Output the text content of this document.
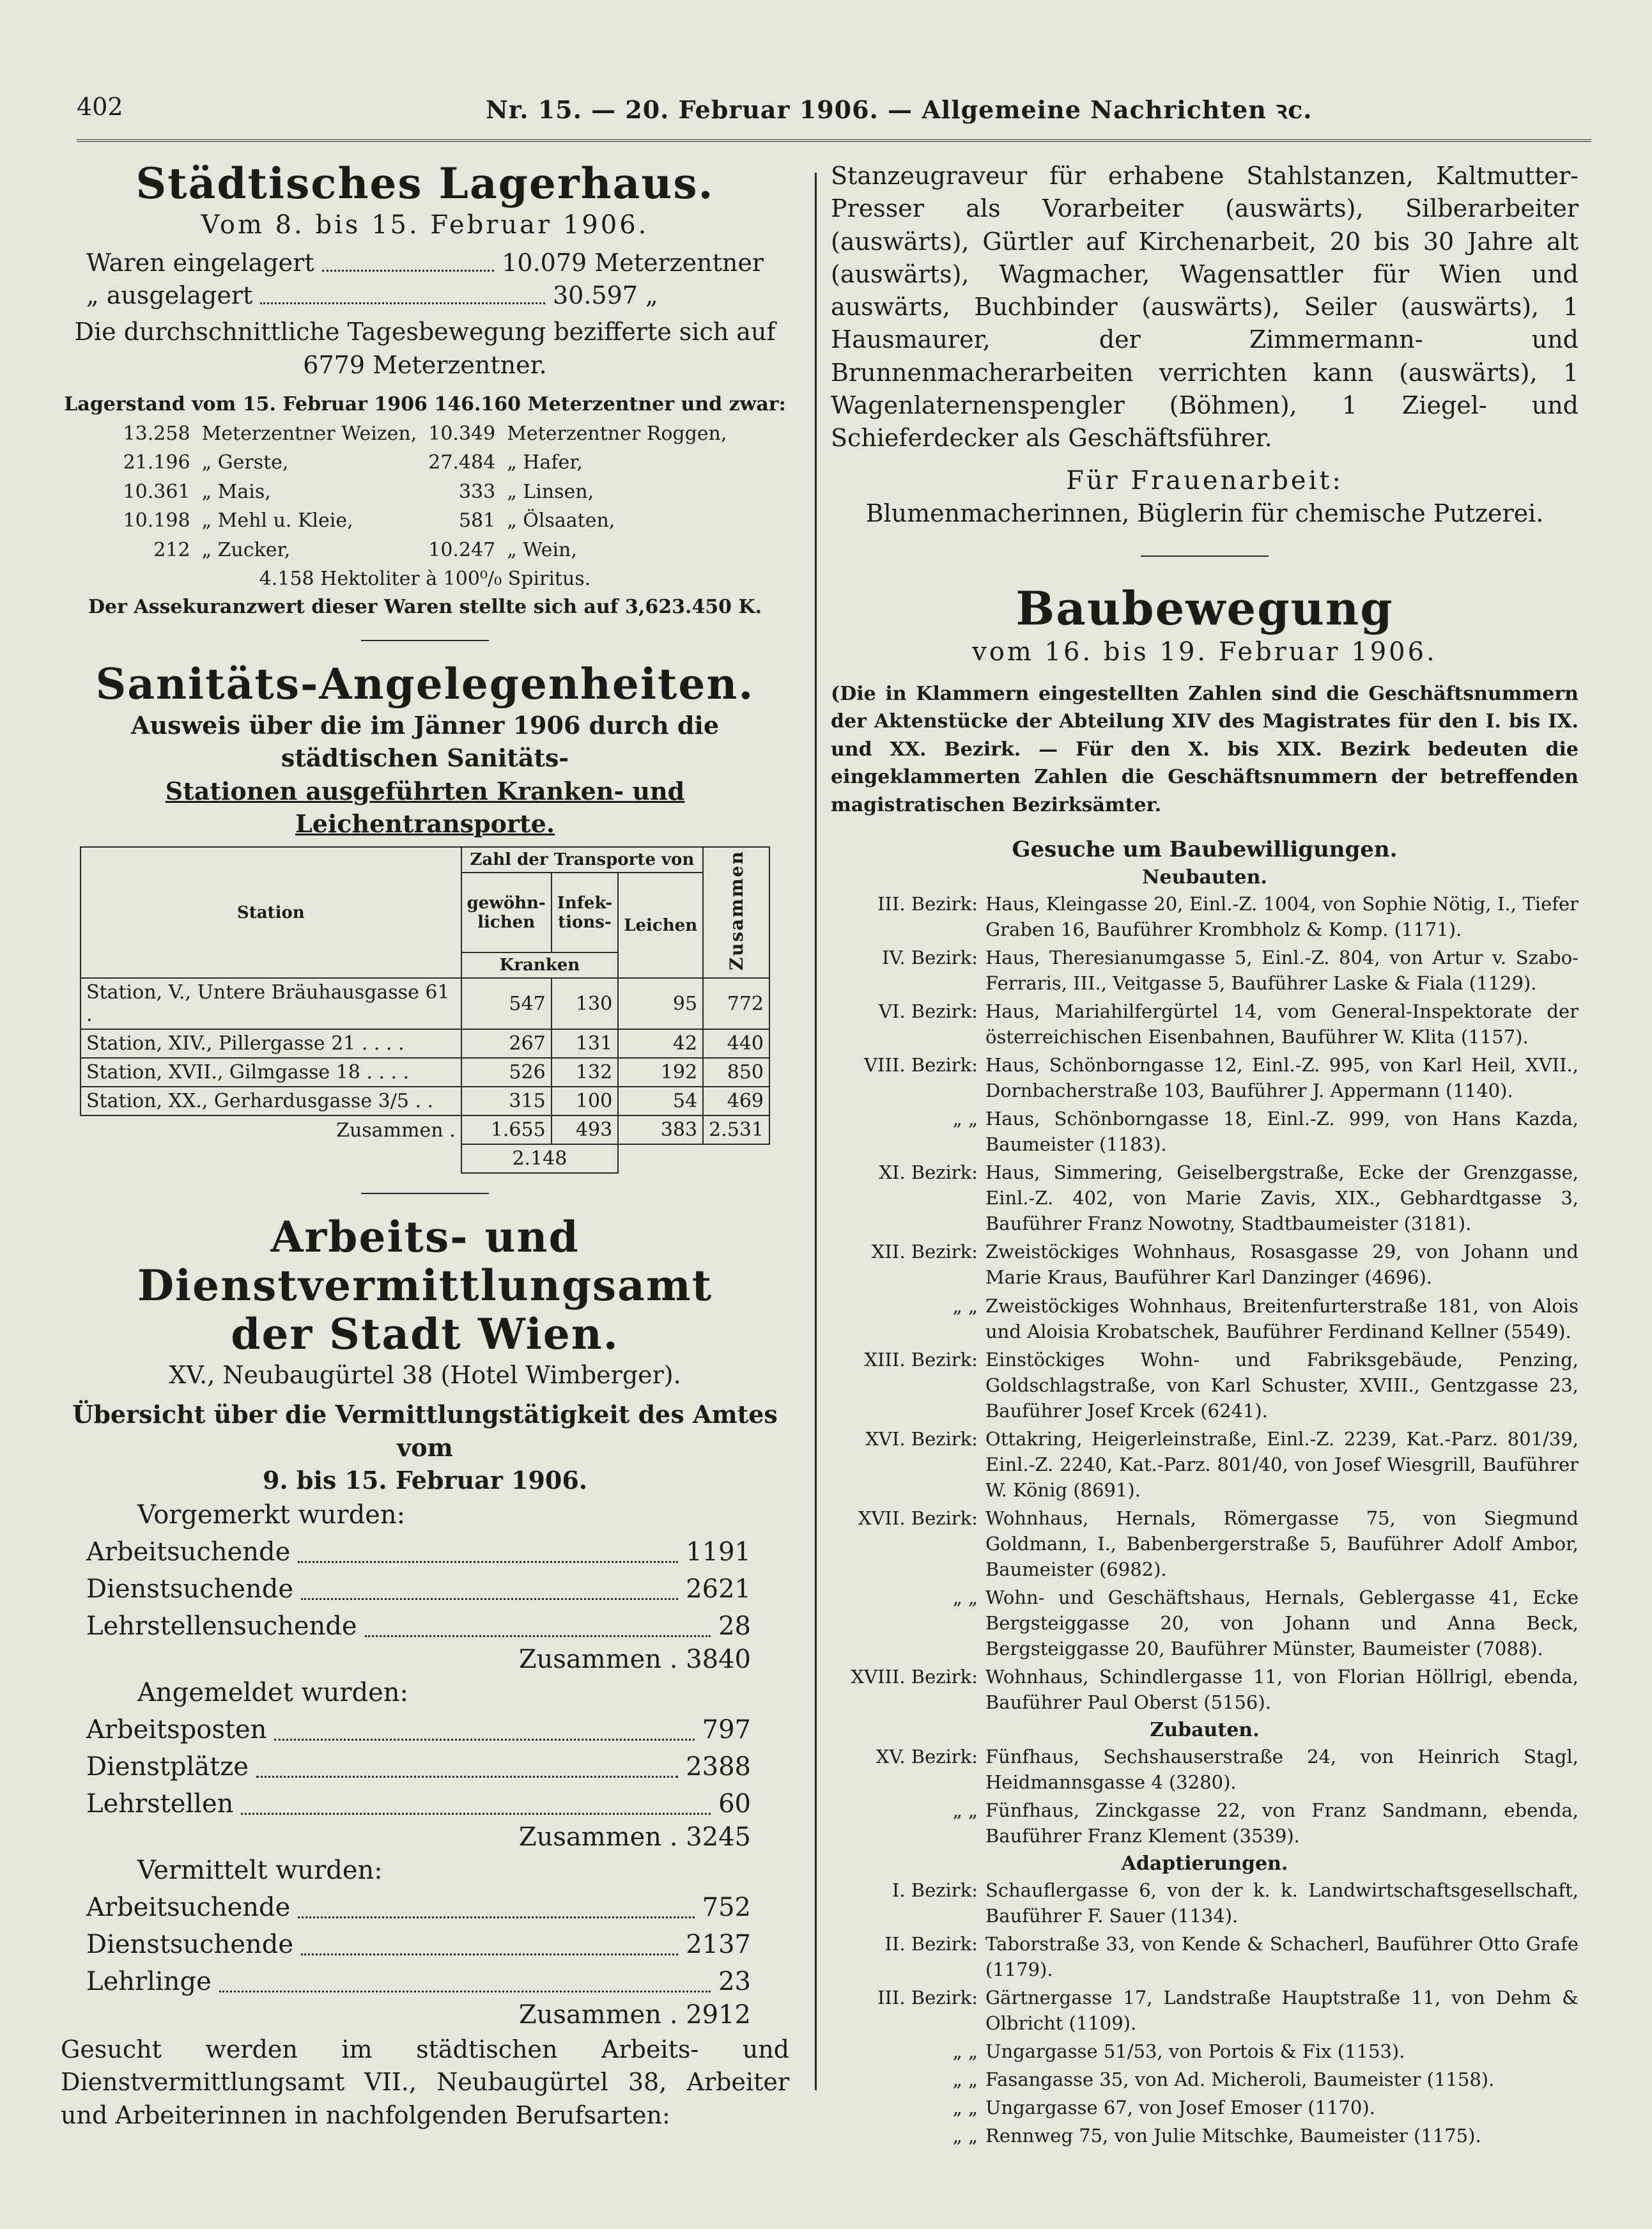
402	Nr. 15. — 20. Februar 1906. — Allgemeine Nachrichten ꝛc.
Städtisches Lagerhaus.
Vom 8. bis 15. Februar 1906.
Waren eingelagert	10.079 Meterzentner
„ ausgelagert	30.597 „
Die durchschnittliche Tagesbewegung bezifferte sich auf
6779 Meterzentner.
Lagerstand vom 15. Februar 1906 146.160 Meterzentner und zwar:
13.258	Meterzentner Weizen,	10.349	Meterzentner Roggen,
21.196	„ Gerste,	27.484	„ Hafer,
10.361	„ Mais,	333	„ Linsen,
10.198	„ Mehl u. Kleie,	581	„ Ölsaaten,
212	„ Zucker,	10.247	„ Wein,
4.158 Hektoliter à 100⁰/₀ Spiritus.
Der Assekuranzwert dieser Waren stellte sich auf 3,623.450 K.
Sanitäts-Angelegenheiten.
Ausweis über die im Jänner 1906 durch die städtischen Sanitäts-
Stationen ausgeführten Kranken- und Leichentransporte.
Station	Zahl der Transporte von			Zusammen
	gewöhn-lichen	Infek-tions-	Leichen	
	Kranken			
Station, V., Untere Bräuhausgasse 61 .	547	130	95	772
Station, XIV., Pillergasse 21 . . . .	267	131	42	440
Station, XVII., Gilmgasse 18 . . . .	526	132	192	850
Station, XX., Gerhardusgasse 3/5 . .	315	100	54	469
Zusammen .	1.655	493	383	2.531
	2.148			
Arbeits- und Dienstvermittlungsamt
der Stadt Wien.
XV., Neubaugürtel 38 (Hotel Wimberger).
Übersicht über die Vermittlungstätigkeit des Amtes vom
9. bis 15. Februar 1906.
Vorgemerkt wurden:
Arbeitsuchende	1191
Dienstsuchende	2621
Lehrstellensuchende	28
Zusammen . 3840
Angemeldet wurden:
Arbeitsposten	797
Dienstplätze	2388
Lehrstellen	60
Zusammen . 3245
Vermittelt wurden:
Arbeitsuchende	752
Dienstsuchende	2137
Lehrlinge	23
Zusammen . 2912
Gesucht werden im städtischen Arbeits- und Dienstvermittlungsamt VII., Neubaugürtel 38, Arbeiter und Arbeiterinnen in nachfolgenden Berufsarten:
Stanzeugraveur für erhabene Stahlstanzen, Kaltmutter-Presser als Vorarbeiter (auswärts), Silberarbeiter (auswärts), Gürtler auf Kirchenarbeit, 20 bis 30 Jahre alt (auswärts), Wagmacher, Wagensattler für Wien und auswärts, Buchbinder (auswärts), Seiler (auswärts), 1 Hausmaurer, der Zimmermann- und Brunnenmacherarbeiten verrichten kann (auswärts), 1 Wagenlaternenspengler (Böhmen), 1 Ziegel- und Schieferdecker als Geschäftsführer.
Für Frauenarbeit:
Blumenmacherinnen, Büglerin für chemische Putzerei.
Baubewegung
vom 16. bis 19. Februar 1906.
(Die in Klammern eingestellten Zahlen sind die Geschäftsnummern der Aktenstücke der Abteilung XIV des Magistrates für den I. bis IX. und XX. Bezirk. — Für den X. bis XIX. Bezirk bedeuten die eingeklammerten Zahlen die Geschäftsnummern der betreffenden magistratischen Bezirksämter.
Gesuche um Baubewilligungen.
Neubauten.
III. Bezirk: Haus, Kleingasse 20, Einl.-Z. 1004, von Sophie Nötig, I., Tiefer Graben 16, Bauführer Krombholz & Komp. (1171).
IV. Bezirk: Haus, Theresianumgasse 5, Einl.-Z. 804, von Artur v. Szabo-Ferraris, III., Veitgasse 5, Bauführer Laske & Fiala (1129).
VI. Bezirk: Haus, Mariahilfergürtel 14, vom General-Inspektorate der österreichischen Eisenbahnen, Bauführer W. Klita (1157).
VIII. Bezirk: Haus, Schönborngasse 12, Einl.-Z. 995, von Karl Heil, XVII., Dornbacherstraße 103, Bauführer J. Appermann (1140).
„ „ Haus, Schönborngasse 18, Einl.-Z. 999, von Hans Kazda, Baumeister (1183).
XI. Bezirk: Haus, Simmering, Geiselbergstraße, Ecke der Grenzgasse, Einl.-Z. 402, von Marie Zavis, XIX., Gebhardtgasse 3, Bauführer Franz Nowotny, Stadtbaumeister (3181).
XII. Bezirk: Zweistöckiges Wohnhaus, Rosasgasse 29, von Johann und Marie Kraus, Bauführer Karl Danzinger (4696).
„ „ Zweistöckiges Wohnhaus, Breitenfurterstraße 181, von Alois und Aloisia Krobatschek, Bauführer Ferdinand Kellner (5549).
XIII. Bezirk: Einstöckiges Wohn- und Fabriksgebäude, Penzing, Goldschlagstraße, von Karl Schuster, XVIII., Gentzgasse 23, Bauführer Josef Krcek (6241).
XVI. Bezirk: Ottakring, Heigerleinstraße, Einl.-Z. 2239, Kat.-Parz. 801/39, Einl.-Z. 2240, Kat.-Parz. 801/40, von Josef Wiesgrill, Bauführer W. König (8691).
XVII. Bezirk: Wohnhaus, Hernals, Römergasse 75, von Siegmund Goldmann, I., Babenbergerstraße 5, Bauführer Adolf Ambor, Baumeister (6982).
„ „ Wohn- und Geschäftshaus, Hernals, Geblergasse 41, Ecke Bergsteiggasse 20, von Johann und Anna Beck, Bergsteiggasse 20, Bauführer Münster, Baumeister (7088).
XVIII. Bezirk: Wohnhaus, Schindlergasse 11, von Florian Höllrigl, ebenda, Bauführer Paul Oberst (5156).
Zubauten.
XV. Bezirk: Fünfhaus, Sechshauserstraße 24, von Heinrich Stagl, Heidmannsgasse 4 (3280).
„ „ Fünfhaus, Zinckgasse 22, von Franz Sandmann, ebenda, Bauführer Franz Klement (3539).
Adaptierungen.
I. Bezirk: Schauflergasse 6, von der k. k. Landwirtschaftsgesellschaft, Bauführer F. Sauer (1134).
II. Bezirk: Taborstraße 33, von Kende & Schacherl, Bauführer Otto Grafe (1179).
III. Bezirk: Gärtnergasse 17, Landstraße Hauptstraße 11, von Dehm & Olbricht (1109).
„ „ Ungargasse 51/53, von Portois & Fix (1153).
„ „ Fasangasse 35, von Ad. Micheroli, Baumeister (1158).
„ „ Ungargasse 67, von Josef Emoser (1170).
„ „ Rennweg 75, von Julie Mitschke, Baumeister (1175).
